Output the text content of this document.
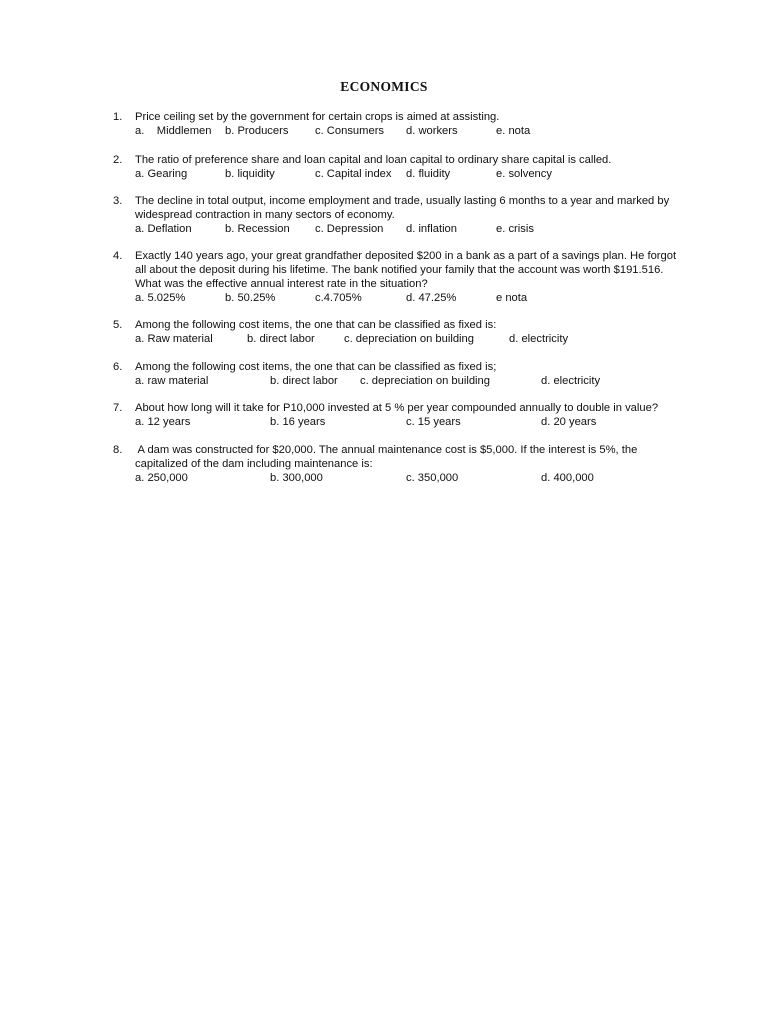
ECONOMICS
1.	Price ceiling set by the government for certain crops is aimed at assisting.
a.    Middlemen b. Producers c. Consumers d. workers	e. nota
2.	The ratio of preference share and loan capital and loan capital to ordinary share capital is called.
a. Gearing	b. liquidity	c. Capital index d. fluidity	e. solvency
3.	The decline in total output, income employment and trade, usually lasting 6 months to a year and marked by
widespread contraction in many sectors of economy.
a. Deflation	b. Recession c. Depression d. inflation	e. crisis
4.	Exactly 140 years ago, your great grandfather deposited $200 in a bank as a part of a savings plan. He forgot
all about the deposit during his lifetime. The bank notified your family that the account was worth $191.516.
What was the effective annual interest rate in the situation?
a. 5.025%	b. 50.25%	c.4.705%	d. 47.25%	e nota
5.	Among the following cost items, the one that can be classified as fixed is:
a. Raw material	b. direct labor	c. depreciation on building	d. electricity
6.	Among the following cost items, the one that can be classified as fixed is;
a. raw material	b. direct labor c. depreciation on building	d. electricity
7.	About how long will it take for P10,000 invested at 5 % per year compounded annually to double in value?
a. 12 years	b. 16 years	c. 15 years	d. 20 years
8.	A dam was constructed for $20,000. The annual maintenance cost is $5,000. If the interest is 5%, the
capitalized of the dam including maintenance is:
a. 250,000	b. 300,000	c. 350,000	d. 400,000
